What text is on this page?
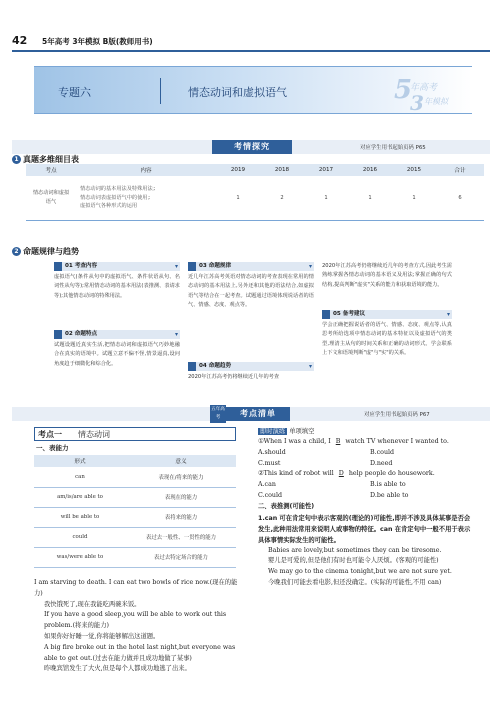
42 5年高考 3年模拟 B版(教师用书)
专题六	情态动词和虚拟语气	5
年高考
3 年模拟
考情探究	对应学生用书起始页码 P65
1 真题多维细目表
考点	内容	2019	2018	2017	2016	2015	合计
情态动词和虚拟语气	情态动词的基本用法及特殊用法;
情态动词表虚拟语气中的使用;
虚拟语气各种形式的运用	1	2	1	1	1	6
2 命题规律与趋势
01 考查内容	▾
虚拟语气(条件从句中的虚拟语气、条件状语从句、名词性从句等);常用情态动词的基本用法(表推测、表请求等);其他情态动词的特殊用法。
02 命题特点	▾
试题设题近真实生活,把情态动词和虚拟语气巧妙地融合在真实的语境中。试题立意不偏不怪,情景逼真,设问角度趋于细微化和综合化。
03 命题规律	▾
近几年江苏高考英语对情态动词的考查表现在常用的情态动词的基本用法上,另外还和其他的语法结合,如虚拟语气等结合在一起考查。试题通过语境体现说话者的语气、情感、态度、观点等。
04 命题趋势	▾
2020年江苏高考仍将继续近几年的考查
2020年江苏高考仍将继续近几年的考查方式,因此考生需熟练掌握各情态动词的基本语义及用法;掌握正确的句式结构,提高判断"虚实"关系的能力和获取语境的能力。
05 备考建议	▾
学会正确把握说话者的语气、情感、态度、观点等,认真思考所给选项中情态动词的基本特征以及虚拟语气的类型,理清主从句的时间关系和正确的动词形式。学会联系上下文和语境判断"虚"与"实"的关系。
五年高考	考点清单	对应学生用书起始页码 P67
考点一 情态动词
一、表能力
形式	意义
can	表现在/将来的能力
am/is/are able to	表现在的能力
will be able to	表将来的能力
could	表过去一般性、一贯性的能力
was/were able to	表过去特定场合的能力
I am starving to death. I can eat two bowls of rice now.(现在的能力)
我快饿死了,现在我能吃两碗米饭。
If you have a good sleep,you will be able to work out this problem.(将来的能力)
如果你好好睡一觉,你将能够解出这道题。
A big fire broke out in the hotel last night,but everyone was able to get out.(过去在能力做并且成功地做了某事)
昨晚宾馆发生了大火,但是每个人都成功地逃了出来。
即时演练 单项填空
①When I was a child, I B watch TV whenever I wanted to.
A.should	B.could
C.must	D.need
②This kind of robot will D help people do housework.
A.can	B.is able to
C.could	D.be able to
二、表推测(可能性)
1.can 可在肯定句中表示客观的(理论的)可能性,即并不涉及具体某事是否会发生,此种用法常用来说明人或事物的特征。can 在肯定句中一般不用于表示具体事情实际发生的可能性。
Babies are lovely,but sometimes they can be tiresome.
婴儿是可爱的,但是他们有时也可能令人厌烦。(客观的可能性)
We may go to the cinema tonight,but we are not sure yet.
今晚我们可能去看电影,但还没确定。(实际的可能性,不用 can)
